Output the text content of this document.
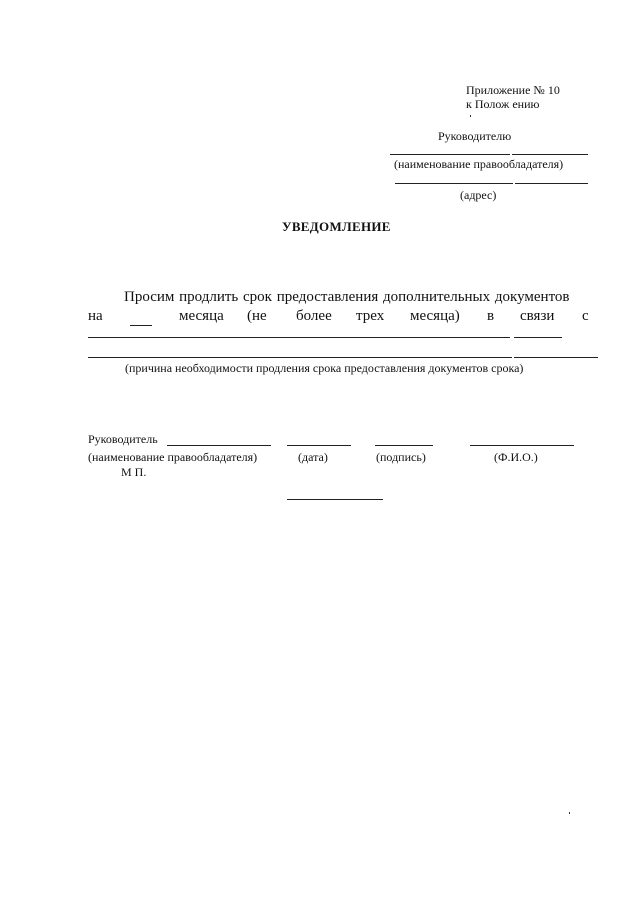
Приложение № 10
к Полож ению
Руководителю
(наименование правообладателя)
(адрес)
УВЕДОМЛЕНИЕ
Просим продлить срок предоставления дополнительных документов
на	месяца (не более трех месяца) в связи с
(причина необходимости продления срока предоставления документов срока)
Руководитель
(наименование правообладателя)	(дата)	(подпись)	(Ф.И.О.)
М П.
